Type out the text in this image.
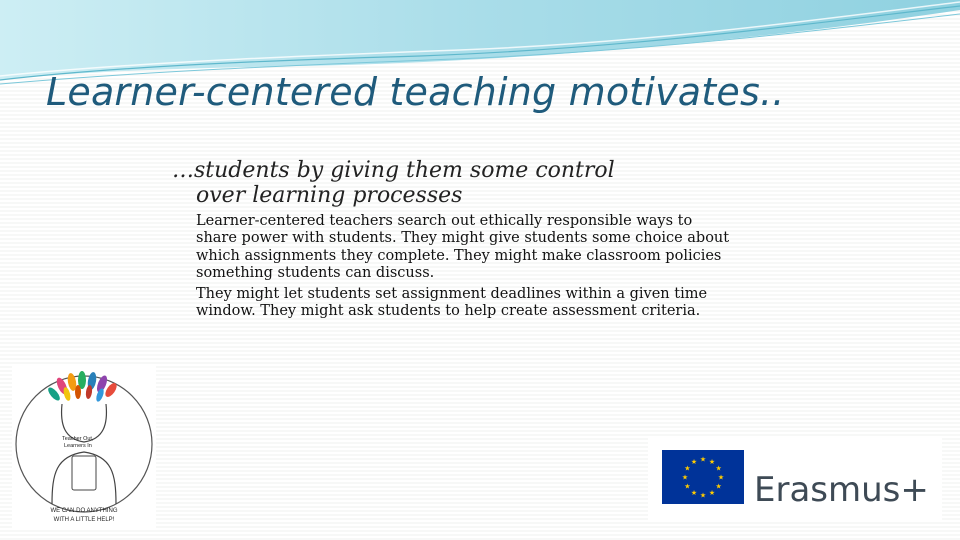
Learner-centered teaching motivates..
…students by giving them some control
over learning processes

Learner-centered teachers search out ethically responsible ways to share power with students. They might give students some choice about which assignments they complete. They might make classroom policies something students can discuss.

They might let students set assignment deadlines within a given time window. They might ask students to help create assessment criteria.

Teacher Out,
Learners In
WE CAN DO ANYTHING
WITH A LITTLE HELP!
★ ★
★
★
★
★
★
★
★
★
★
★
Erasmus+
